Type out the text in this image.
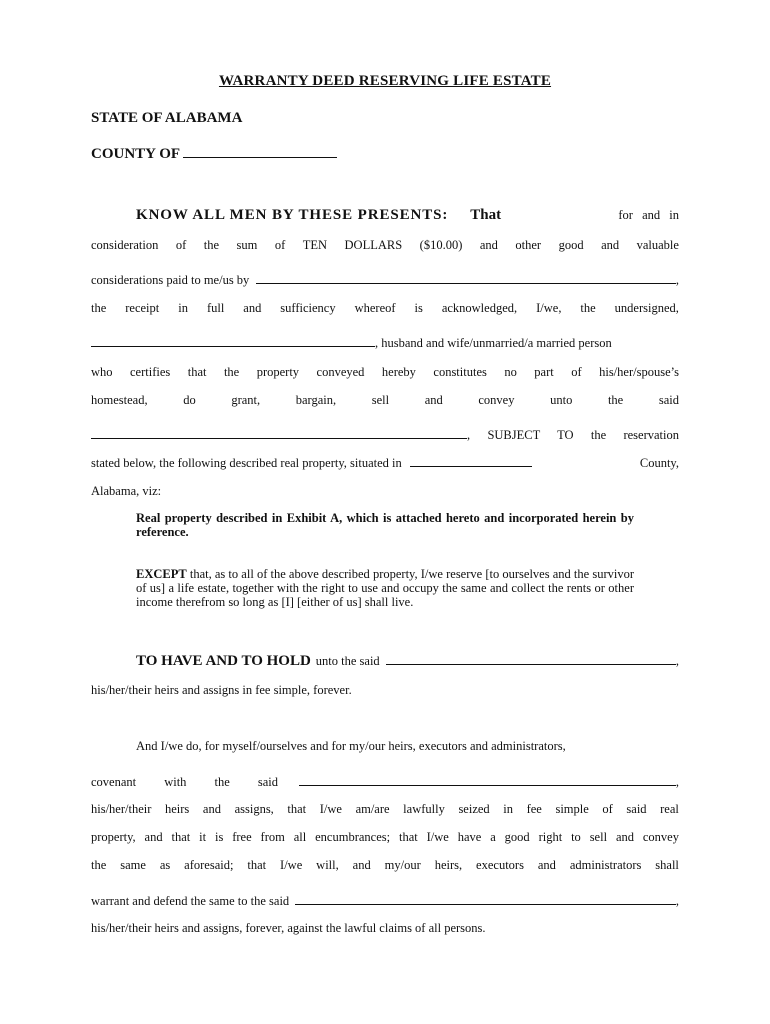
WARRANTY DEED RESERVING LIFE ESTATE
STATE OF ALABAMA
COUNTY OF
KNOW ALL MEN BY THESE PRESENTS: That	for and in
consideration of the sum of TEN DOLLARS ($10.00) and other good and valuable
considerations paid to me/us by	,
the receipt in full and sufficiency whereof is acknowledged, I/we, the undersigned,
, husband and wife/unmarried/a married person
who certifies that the property conveyed hereby constitutes no part of his/her/spouse’s
homestead,	do	grant,	bargain,	sell	and	convey	unto	the	said
, SUBJECT TO the reservation
stated below, the following described real property, situated in	County,
Alabama, viz:
Real property described in Exhibit A, which is attached hereto and incorporated herein by reference.
EXCEPT that, as to all of the above described property, I/we reserve [to ourselves and the survivor of us] a life estate, together with the right to use and occupy the same and collect the rents or other income therefrom so long as [I] [either of us] shall live.
TO HAVE AND TO HOLD unto the said	,
his/her/their heirs and assigns in fee simple, forever.
And I/we do, for myself/ourselves and for my/our heirs, executors and administrators,
covenant with the said	,
his/her/their heirs and assigns, that I/we am/are lawfully seized in fee simple of said real
property, and that it is free from all encumbrances; that I/we have a good right to sell and convey
the same as aforesaid; that I/we will, and my/our heirs, executors and administrators shall
warrant and defend the same to the said	,
his/her/their heirs and assigns, forever, against the lawful claims of all persons.
